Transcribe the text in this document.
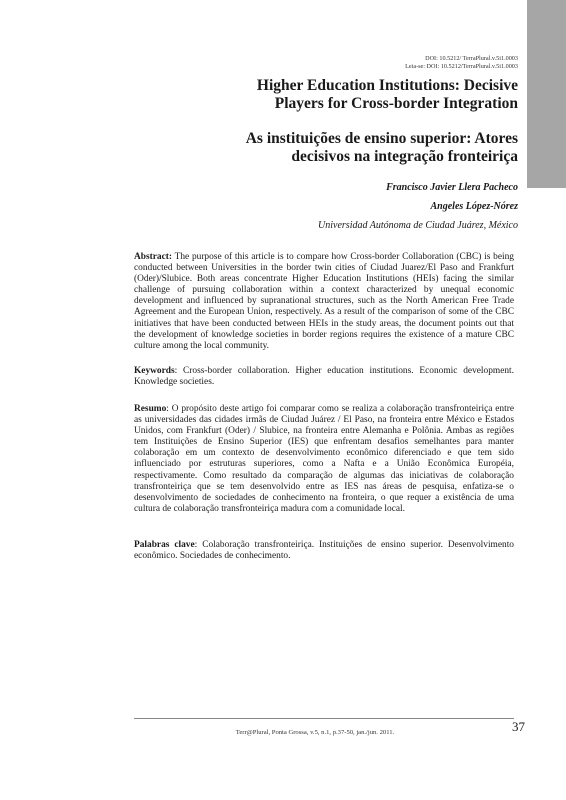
DOI: 10.5212/ TerraPlural.v.5i1.0003
Leia-se: DOI: 10.5212/TerraPlural.v.5i1.0003
Higher Education Institutions: Decisive
Players for Cross-border Integration
As instituições de ensino superior: Atores
decisivos na integração fronteiriça
Francisco Javier Llera Pacheco
Angeles López-Nórez
Universidad Autónoma de Ciudad Juárez, México
Abstract: The purpose of this article is to compare how Cross-border Collaboration (CBC) is being conducted between Universities in the border twin cities of Ciudad Juarez/El Paso and Frankfurt (Oder)/Slubice. Both areas concentrate Higher Education Institutions (HEIs) facing the similar challenge of pursuing collaboration within a context characterized by unequal economic development and influenced by supranational structures, such as the North American Free Trade Agreement and the European Union, respectively. As a result of the comparison of some of the CBC initiatives that have been conducted between HEIs in the study areas, the document points out that the development of knowledge societies in border regions requires the existence of a mature CBC culture among the local community.
Keywords: Cross-border collaboration. Higher education institutions. Economic development. Knowledge societies.
Resumo: O propósito deste artigo foi comparar como se realiza a colaboração transfronteiriça entre as universidades das cidades irmãs de Ciudad Juárez / El Paso, na fronteira entre México e Estados Unidos, com Frankfurt (Oder) / Slubice, na fronteira entre Alemanha e Polônia. Ambas as regiões tem Instituições de Ensino Superior (IES) que enfrentam desafios semelhantes para manter colaboração em um contexto de desenvolvimento econômico diferenciado e que tem sido influenciado por estruturas superiores, como a Nafta e a União Econômica Européia, respectivamente. Como resultado da comparação de algumas das iniciativas de colaboração transfronteiriça que se tem desenvolvido entre as IES nas áreas de pesquisa, enfatiza-se o desenvolvimento de sociedades de conhecimento na fronteira, o que requer a existência de uma cultura de colaboração transfronteiriça madura com a comunidade local.
Palabras clave: Colaboração transfronteiriça. Instituições de ensino superior. Desenvolvimento econômico. Sociedades de conhecimento.
Terr@Plural, Ponta Grossa, v.5, n.1, p.37-50, jan./jun. 2011.	37
